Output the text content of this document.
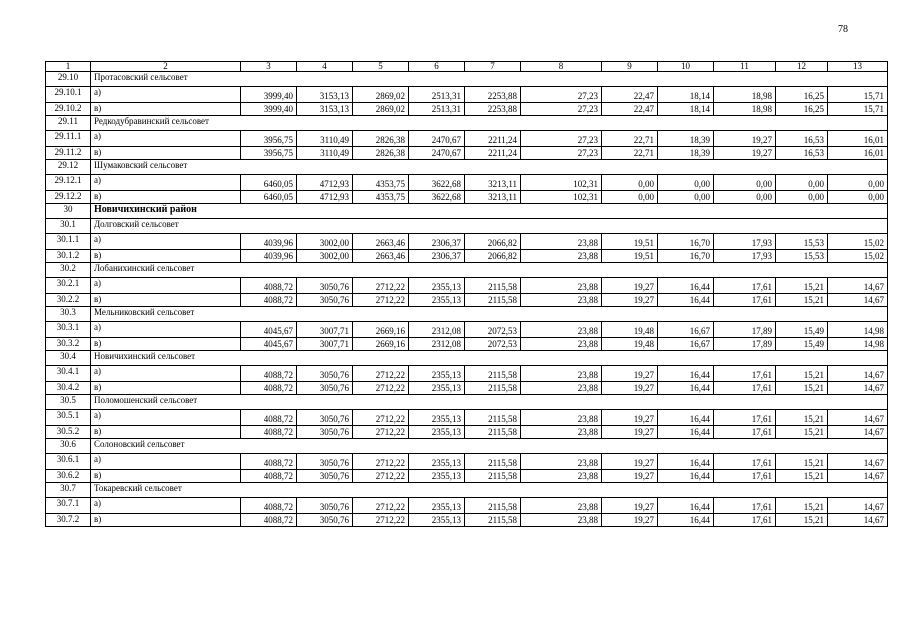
78
1	2	3	4	5	6	7	8	9	10	11	12	13
29.10	Протасовский сельсовет											
29.10.1	а)	3999,40	3153,13	2869,02	2513,31	2253,88	27,23	22,47	18,14	18,98	16,25	15,71
29.10.2	в)	3999,40	3153,13	2869,02	2513,31	2253,88	27,23	22,47	18,14	18,98	16,25	15,71
29.11	Редкодубравинский сельсовет											
29.11.1	а)	3956,75	3110,49	2826,38	2470,67	2211,24	27,23	22,71	18,39	19,27	16,53	16,01
29.11.2	в)	3956,75	3110,49	2826,38	2470,67	2211,24	27,23	22,71	18,39	19,27	16,53	16,01
29.12	Шумаковский сельсовет											
29.12.1	а)	6460,05	4712,93	4353,75	3622,68	3213,11	102,31	0,00	0,00	0,00	0,00	0,00
29.12.2	в)	6460,05	4712,93	4353,75	3622,68	3213,11	102,31	0,00	0,00	0,00	0,00	0,00
30	Новичихинский район											
30.1	Долговский сельсовет											
30.1.1	а)	4039,96	3002,00	2663,46	2306,37	2066,82	23,88	19,51	16,70	17,93	15,53	15,02
30.1.2	в)	4039,96	3002,00	2663,46	2306,37	2066,82	23,88	19,51	16,70	17,93	15,53	15,02
30.2	Лобанихинский сельсовет											
30.2.1	а)	4088,72	3050,76	2712,22	2355,13	2115,58	23,88	19,27	16,44	17,61	15,21	14,67
30.2.2	в)	4088,72	3050,76	2712,22	2355,13	2115,58	23,88	19,27	16,44	17,61	15,21	14,67
30.3	Мельниковский сельсовет											
30.3.1	а)	4045,67	3007,71	2669,16	2312,08	2072,53	23,88	19,48	16,67	17,89	15,49	14,98
30.3.2	в)	4045,67	3007,71	2669,16	2312,08	2072,53	23,88	19,48	16,67	17,89	15,49	14,98
30.4	Новичихинский сельсовет											
30.4.1	а)	4088,72	3050,76	2712,22	2355,13	2115,58	23,88	19,27	16,44	17,61	15,21	14,67
30.4.2	в)	4088,72	3050,76	2712,22	2355,13	2115,58	23,88	19,27	16,44	17,61	15,21	14,67
30.5	Поломошенский сельсовет											
30.5.1	а)	4088,72	3050,76	2712,22	2355,13	2115,58	23,88	19,27	16,44	17,61	15,21	14,67
30.5.2	в)	4088,72	3050,76	2712,22	2355,13	2115,58	23,88	19,27	16,44	17,61	15,21	14,67
30.6	Солоновский сельсовет											
30.6.1	а)	4088,72	3050,76	2712,22	2355,13	2115,58	23,88	19,27	16,44	17,61	15,21	14,67
30.6.2	в)	4088,72	3050,76	2712,22	2355,13	2115,58	23,88	19,27	16,44	17,61	15,21	14,67
30.7	Токаревский сельсовет											
30.7.1	а)	4088,72	3050,76	2712,22	2355,13	2115,58	23,88	19,27	16,44	17,61	15,21	14,67
30.7.2	в)	4088,72	3050,76	2712,22	2355,13	2115,58	23,88	19,27	16,44	17,61	15,21	14,67
